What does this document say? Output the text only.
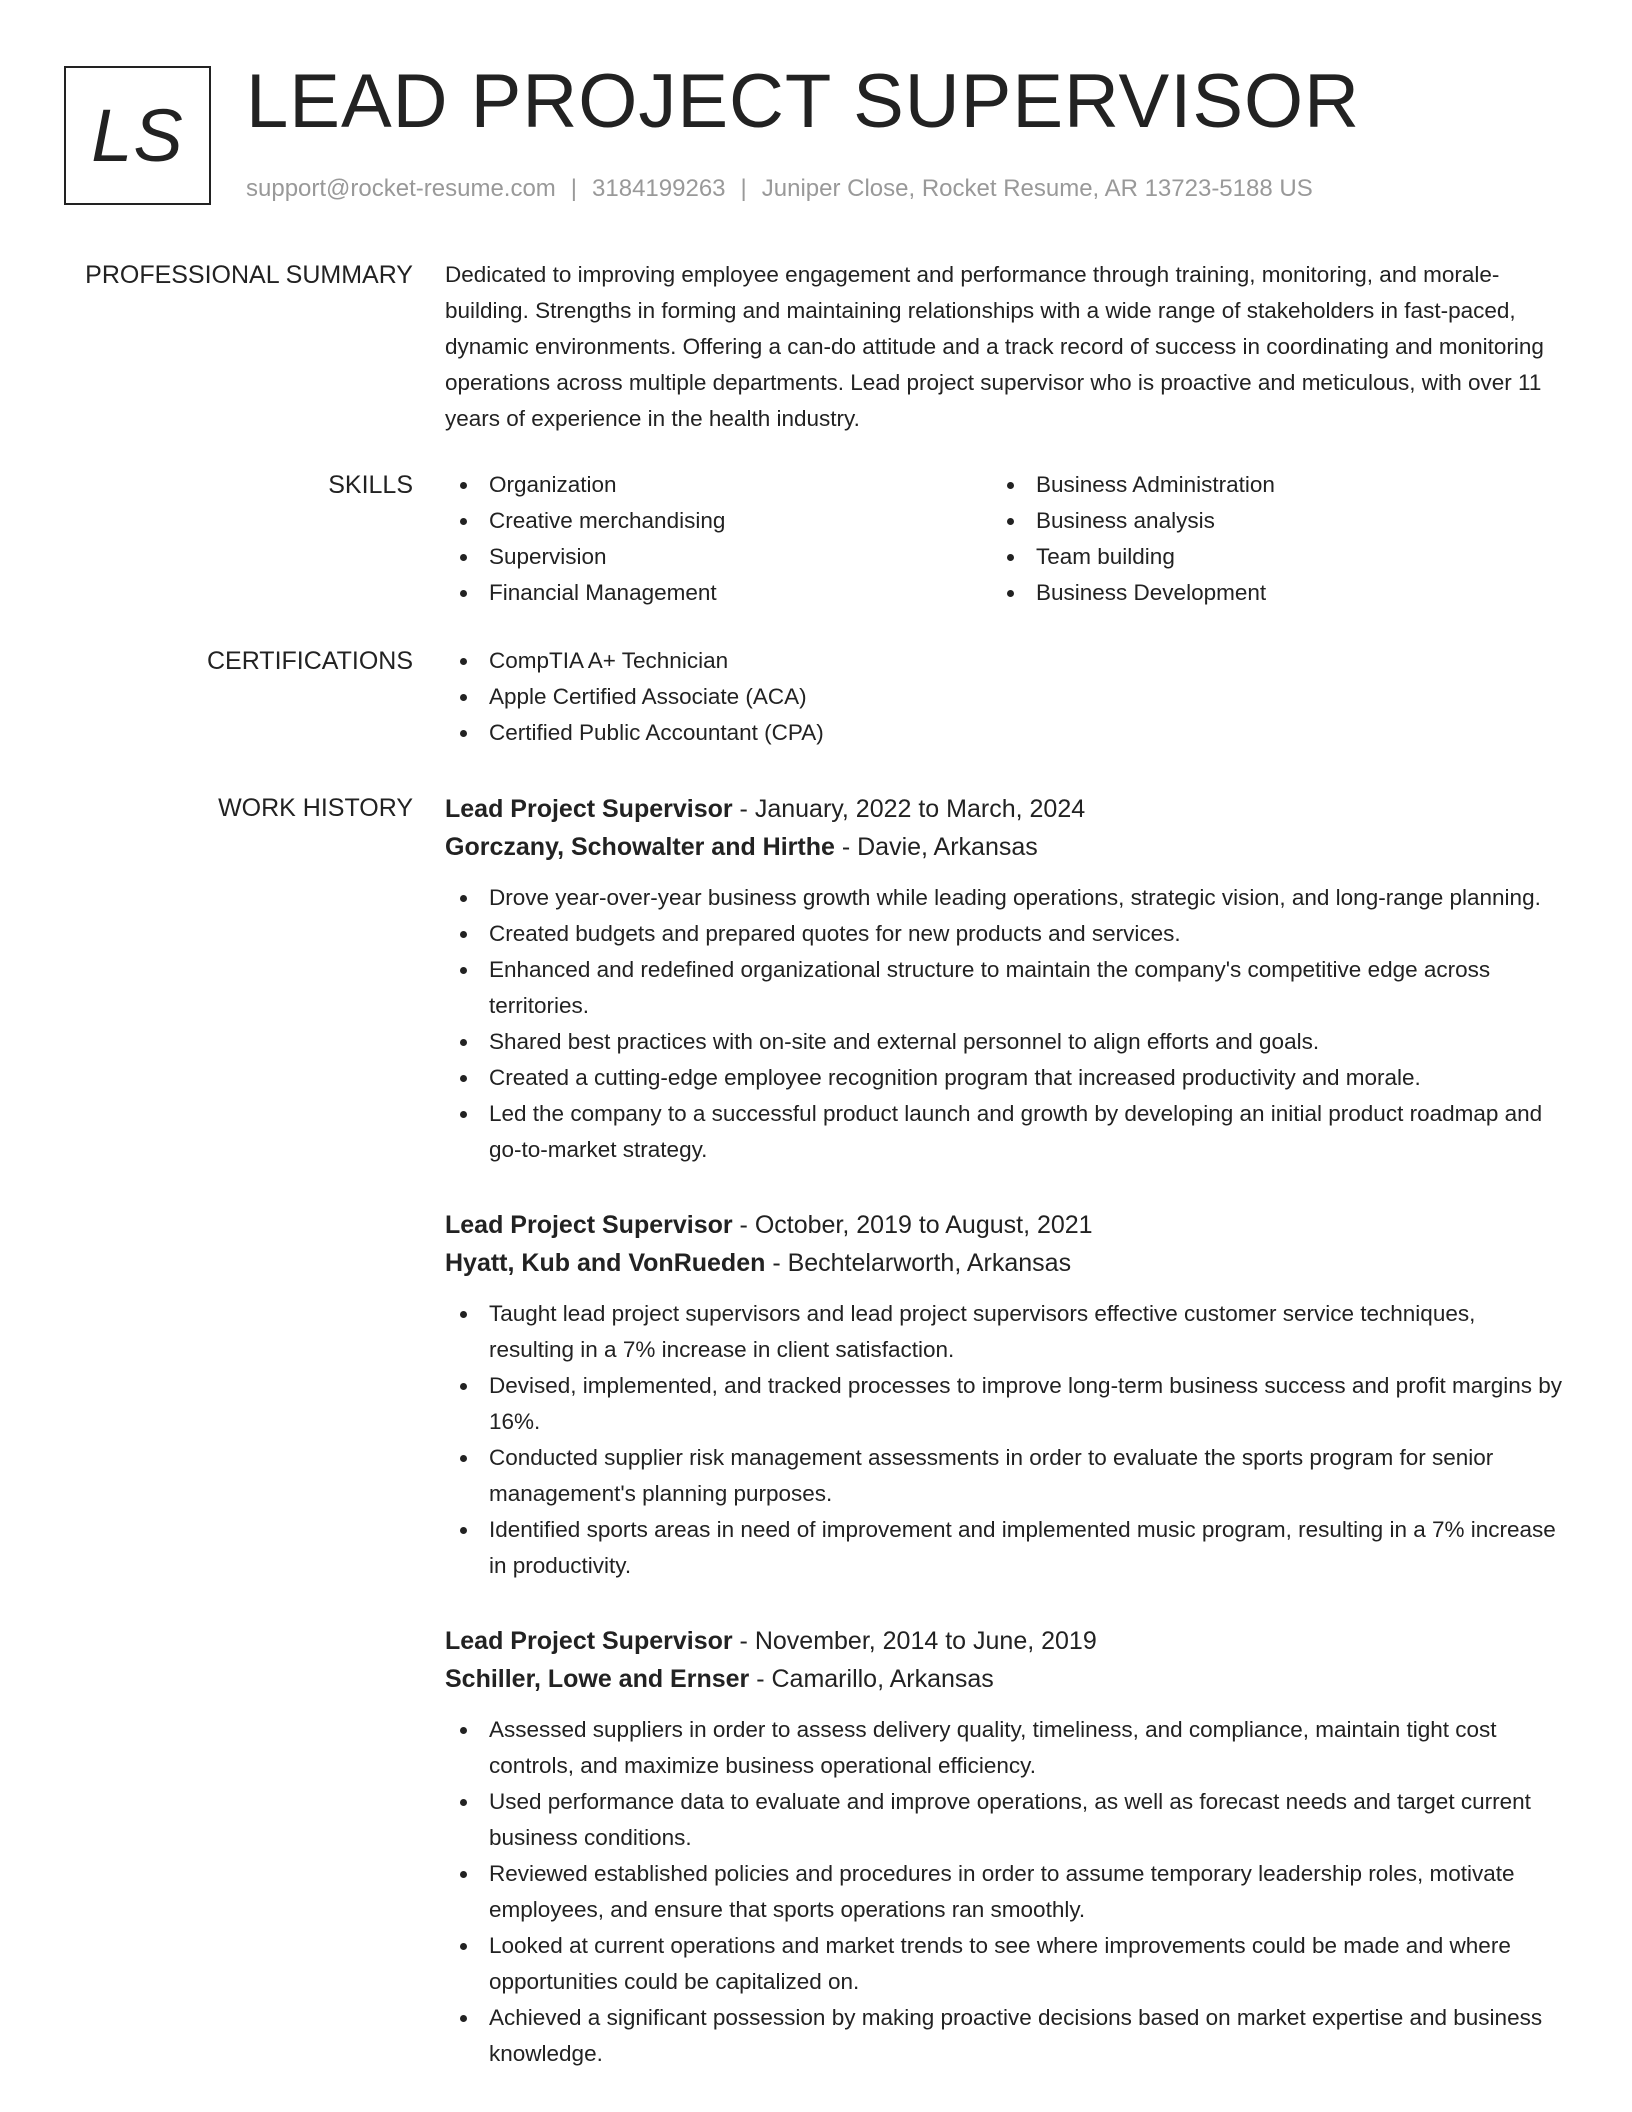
LS LEAD PROJECT SUPERVISOR
support@rocket-resume.com | 3184199263 | Juniper Close, Rocket Resume, AR 13723-5188 US
PROFESSIONAL SUMMARY Dedicated to improving employee engagement and performance through training, monitoring, and morale-building. Strengths in forming and maintaining relationships with a wide range of stakeholders in fast-paced, dynamic environments. Offering a can-do attitude and a track record of success in coordinating and monitoring operations across multiple departments. Lead project supervisor who is proactive and meticulous, with over 11 years of experience in the health industry.

SKILLS	Organization
Creative merchandising
Supervision
Financial Management
Business Administration
Business analysis
Team building
Business Development
CERTIFICATIONS	CompTIA A+ Technician
Apple Certified Associate (ACA)
Certified Public Accountant (CPA)
WORK HISTORY Lead Project Supervisor - January, 2022 to March, 2024
Gorczany, Schowalter and Hirthe - Davie, Arkansas
Drove year-over-year business growth while leading operations, strategic vision, and long-range planning.
Created budgets and prepared quotes for new products and services.
Enhanced and redefined organizational structure to maintain the company's competitive edge across territories.
Shared best practices with on-site and external personnel to align efforts and goals.
Created a cutting-edge employee recognition program that increased productivity and morale.
Led the company to a successful product launch and growth by developing an initial product roadmap and go-to-market strategy.
Lead Project Supervisor - October, 2019 to August, 2021
Hyatt, Kub and VonRueden - Bechtelarworth, Arkansas
Taught lead project supervisors and lead project supervisors effective customer service techniques, resulting in a 7% increase in client satisfaction.
Devised, implemented, and tracked processes to improve long-term business success and profit margins by 16%.
Conducted supplier risk management assessments in order to evaluate the sports program for senior management's planning purposes.
Identified sports areas in need of improvement and implemented music program, resulting in a 7% increase in productivity.
Lead Project Supervisor - November, 2014 to June, 2019
Schiller, Lowe and Ernser - Camarillo, Arkansas
Assessed suppliers in order to assess delivery quality, timeliness, and compliance, maintain tight cost controls, and maximize business operational efficiency.
Used performance data to evaluate and improve operations, as well as forecast needs and target current business conditions.
Reviewed established policies and procedures in order to assume temporary leadership roles, motivate employees, and ensure that sports operations ran smoothly.
Looked at current operations and market trends to see where improvements could be made and where opportunities could be capitalized on.
Achieved a significant possession by making proactive decisions based on market expertise and business knowledge.
